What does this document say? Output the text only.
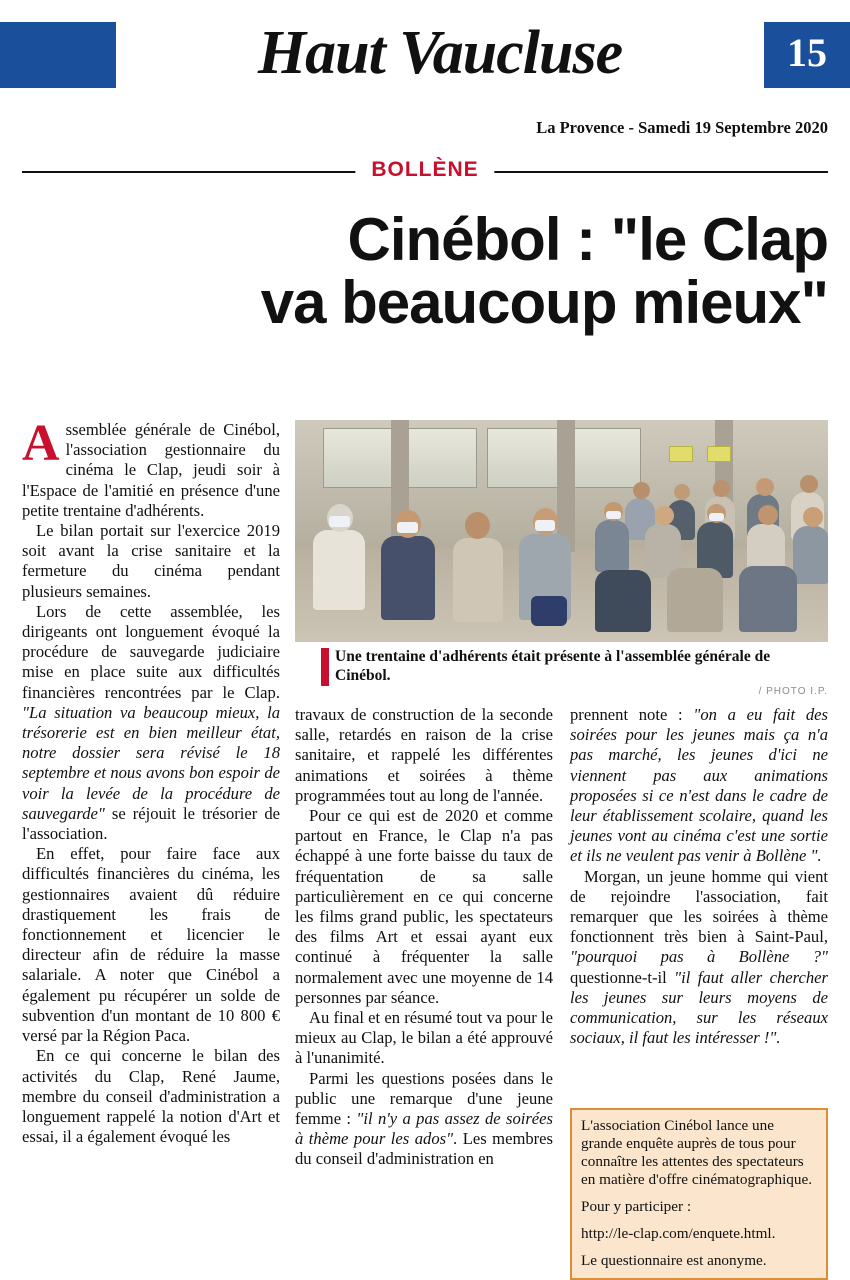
Haut Vaucluse	15
La Provence - Samedi 19 Septembre 2020
BOLLÈNE
Cinébol : "le Clap
va beaucoup mieux"
Une trentaine d'adhérents était présente à l'assemblée générale de Cinébol.
/ PHOTO I.P.

Assemblée générale de Cinébol, l'association gestionnaire du cinéma le Clap, jeudi soir à l'Espace de l'amitié en présence d'une petite trentaine d'adhérents.

Le bilan portait sur l'exercice 2019 soit avant la crise sanitaire et la fermeture du cinéma pendant plusieurs semaines.

Lors de cette assemblée, les dirigeants ont longuement évoqué la procédure de sauvegarde judiciaire mise en place suite aux difficultés financières rencontrées par le Clap. "La situation va beaucoup mieux, la trésorerie est en bien meilleur état, notre dossier sera révisé le 18 septembre et nous avons bon espoir de voir la levée de la procédure de sauvegarde" se réjouit le trésorier de l'association.

En effet, pour faire face aux difficultés financières du cinéma, les gestionnaires avaient dû réduire drastiquement les frais de fonctionnement et licencier le directeur afin de réduire la masse salariale. A noter que Cinébol a également pu récupérer un solde de subvention d'un montant de 10 800 € versé par la Région Paca.

En ce qui concerne le bilan des activités du Clap, René Jaume, membre du conseil d'administration a longuement rappelé la notion d'Art et essai, il a également évoqué les

travaux de construction de la seconde salle, retardés en raison de la crise sanitaire, et rappelé les différentes animations et soirées à thème programmées tout au long de l'année.

Pour ce qui est de 2020 et comme partout en France, le Clap n'a pas échappé à une forte baisse du taux de fréquentation de sa salle particulièrement en ce qui concerne les films grand public, les spectateurs des films Art et essai ayant eux continué à fréquenter la salle normalement avec une moyenne de 14 personnes par séance.

Au final et en résumé tout va pour le mieux au Clap, le bilan a été approuvé à l'unanimité.

Parmi les questions posées dans le public une remarque d'une jeune femme : "il n'y a pas assez de soirées à thème pour les ados". Les membres du conseil d'administration en

prennent note : "on a eu fait des soirées pour les jeunes mais ça n'a pas marché, les jeunes d'ici ne viennent pas aux animations proposées si ce n'est dans le cadre de leur établissement scolaire, quand les jeunes vont au cinéma c'est une sortie et ils ne veulent pas venir à Bollène ".

Morgan, un jeune homme qui vient de rejoindre l'association, fait remarquer que les soirées à thème fonctionnent très bien à Saint-Paul, "pourquoi pas à Bollène ?" questionne-t-il "il faut aller chercher les jeunes sur leurs moyens de communication, sur les réseaux sociaux, il faut les intéresser !".

L'association Cinébol lance une grande enquête auprès de tous pour connaître les attentes des spectateurs en matière d'offre cinématographique.

Pour y participer :

http://le-clap.com/enquete.html.

Le questionnaire est anonyme.
